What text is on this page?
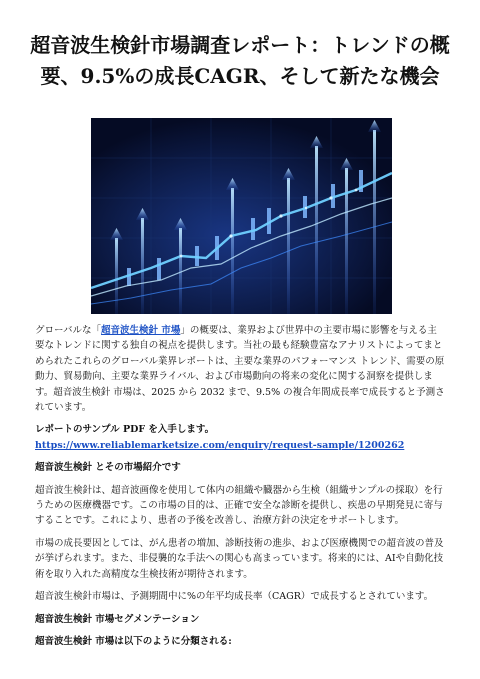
超音波生検針市場調査レポート：トレンドの概要、9.5%の成長CAGR、そして新たな機会

グローバルな「超音波生検針 市場」の概要は、業界および世界中の主要市場に影響を与える主要なトレンドに関する独自の視点を提供します。当社の最も経験豊富なアナリストによってまとめられたこれらのグローバル業界レポートは、主要な業界のパフォーマンス トレンド、需要の原動力、貿易動向、主要な業界ライバル、および市場動向の将来の変化に関する洞察を提供します。超音波生検針 市場は、2025 から 2032 まで、9.5% の複合年間成長率で成長すると予測されています。

レポートのサンプル PDF を入手します。 https://www.reliablemarketsize.com/enquiry/request-sample/1200262

超音波生検針 とその市場紹介です

超音波生検針は、超音波画像を使用して体内の組織や臓器から生検（組織サンプルの採取）を行うための医療機器です。この市場の目的は、正確で安全な診断を提供し、疾患の早期発見に寄与することです。これにより、患者の予後を改善し、治療方針の決定をサポートします。

市場の成長要因としては、がん患者の増加、診断技術の進歩、および医療機関での超音波の普及が挙げられます。また、非侵襲的な手法への関心も高まっています。将来的には、AIや自動化技術を取り入れた高精度な生検技術が期待されます。

超音波生検針市場は、予測期間中に%の年平均成長率（CAGR）で成長するとされています。

超音波生検針 市場セグメンテーション

超音波生検針 市場は以下のように分類される:
